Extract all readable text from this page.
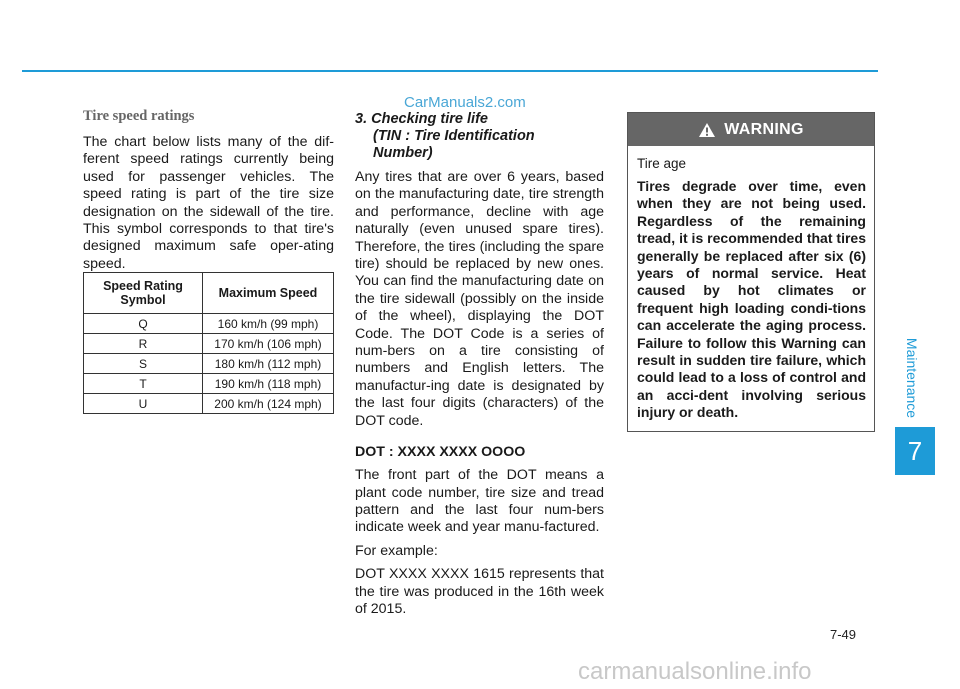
CarManuals2.com
Tire speed ratings

The chart below lists many of the dif-ferent speed ratings currently being used for passenger vehicles. The speed rating is part of the tire size designation on the sidewall of the tire. This symbol corresponds to that tire's designed maximum safe oper-ating speed.

Speed Rating Symbol	Maximum Speed
Q	160 km/h (99 mph)
R	170 km/h (106 mph)
S	180 km/h (112 mph)
T	190 km/h (118 mph)
U	200 km/h (124 mph)
3. Checking tire life
(TIN : Tire Identification
Number)

Any tires that are over 6 years, based on the manufacturing date, tire strength and performance, decline with age naturally (even unused spare tires). Therefore, the tires (including the spare tire) should be replaced by new ones. You can find the manufacturing date on the tire sidewall (possibly on the inside of the wheel), displaying the DOT Code. The DOT Code is a series of num-bers on a tire consisting of numbers and English letters. The manufactur-ing date is designated by the last four digits (characters) of the DOT code.

DOT : XXXX XXXX OOOO

The front part of the DOT means a plant code number, tire size and tread pattern and the last four num-bers indicate week and year manu-factured.

For example:

DOT XXXX XXXX 1615 represents that the tire was produced in the 16th week of 2015.

WARNING

Tire age

Tires degrade over time, even when they are not being used. Regardless of the remaining tread, it is recommended that tires generally be replaced after six (6) years of normal service. Heat caused by hot climates or frequent high loading condi-tions can accelerate the aging process. Failure to follow this Warning can result in sudden tire failure, which could lead to a loss of control and an acci-dent involving serious injury or death.	Maintenance
7
7-49
carmanualsonline.info
